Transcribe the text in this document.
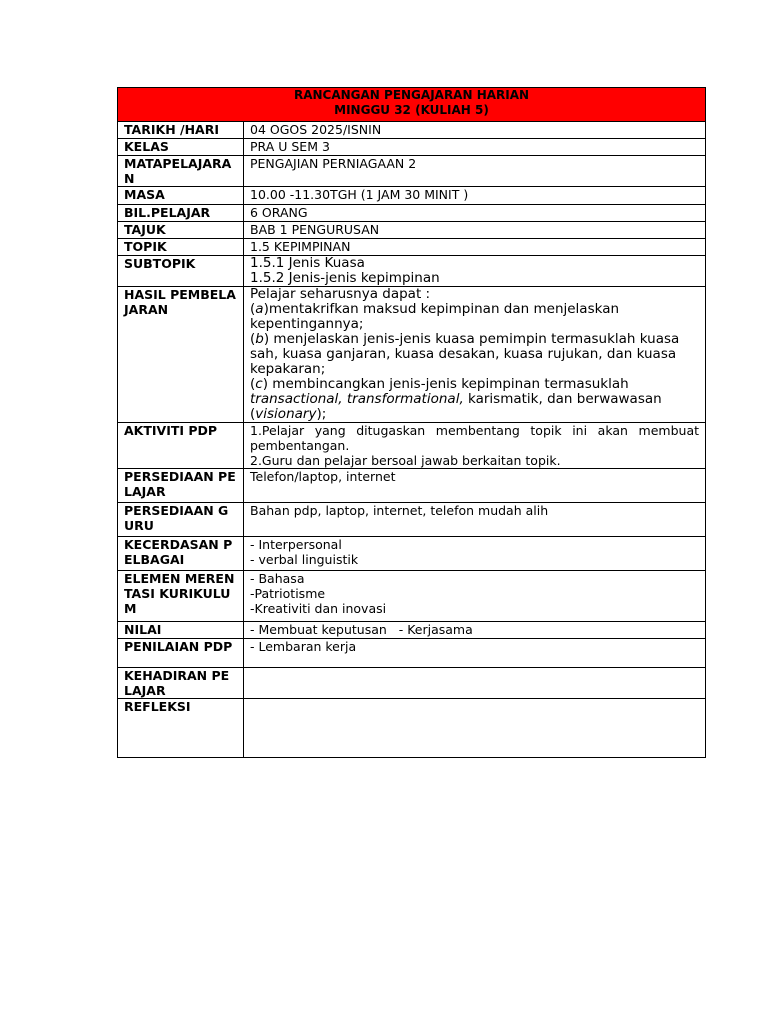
RANCANGAN PENGAJARAN HARIAN
MINGGU 32 (KULIAH 5)	

TARIKH /HARI	04 OGOS 2025/ISNIN
KELAS	PRA U SEM 3
MATAPELAJARAN	PENGAJIAN PERNIAGAAN 2
MASA	10.00 -11.30TGH (1 JAM 30 MINIT )
BIL.PELAJAR	6 ORANG
TAJUK	BAB 1 PENGURUSAN
TOPIK	1.5 KEPIMPINAN
SUBTOPIK	1.5.1 Jenis Kuasa
1.5.2 Jenis-jenis kepimpinan

HASIL PEMBELAJARAN	Pelajar seharusnya dapat :
(a)mentakrifkan maksud kepimpinan dan menjelaskan kepentingannya;
(b) menjelaskan jenis-jenis kuasa pemimpin termasuklah kuasa sah, kuasa ganjaran, kuasa desakan, kuasa rujukan, dan kuasa kepakaran;
(c) membincangkan jenis-jenis kepimpinan termasuklah transactional, transformational, karismatik, dan berwawasan (visionary);

AKTIVITI PDP	1.Pelajar yang ditugaskan membentang topik ini akan membuat pembentangan.
2.Guru dan pelajar bersoal jawab berkaitan topik.

PERSEDIAAN PELAJAR	Telefon/laptop, internet
PERSEDIAAN GURU	Bahan pdp, laptop, internet, telefon mudah alih
KECERDASAN PELBAGAI	- Interpersonal
- verbal linguistik

ELEMEN MERENTASI KURIKULUM	- Bahasa
-Patriotisme
-Kreativiti dan inovasi

NILAI	- Membuat keputusan   - Kerjasama
PENILAIAN PDP	- Lembaran kerja
KEHADIRAN PELAJAR	
REFLEKSI	
